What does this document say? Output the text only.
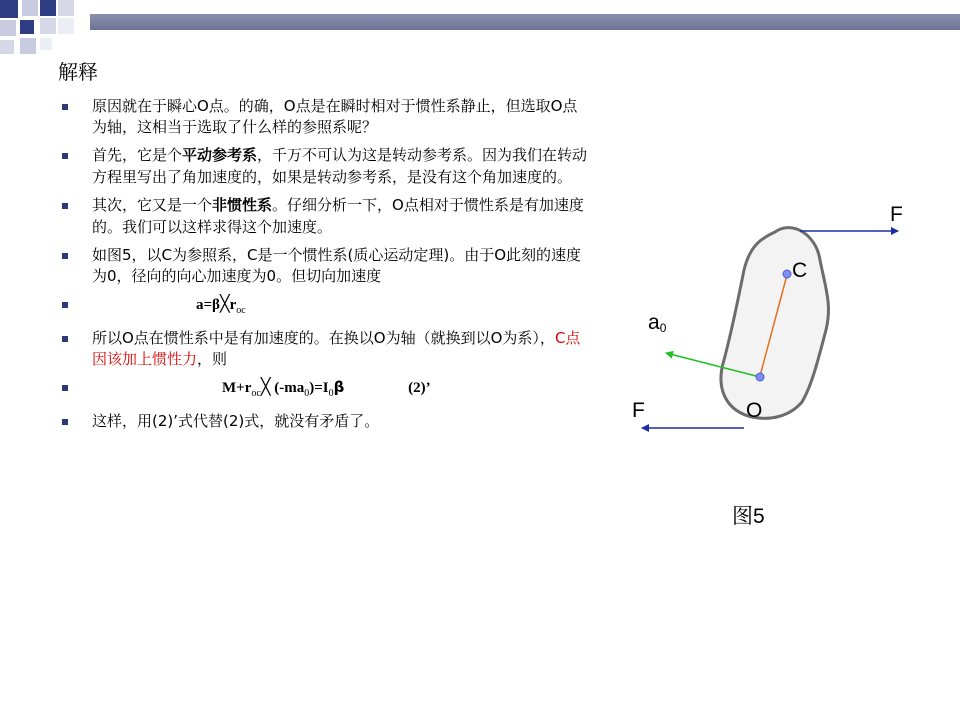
解释
原因就在于瞬心O点。的确，O点是在瞬时相对于惯性系静止，但选取O点为轴，这相当于选取了什么样的参照系呢？
首先，它是个平动参考系，千万不可认为这是转动参考系。因为我们在转动方程里写出了角加速度的，如果是转动参考系，是没有这个角加速度的。
其次，它又是一个非惯性系。仔细分析一下，O点相对于惯性系是有加速度的。我们可以这样求得这个加速度。
如图5，以C为参照系，C是一个惯性系(质心运动定理)。由于O此刻的速度为0，径向的向心加速度为0。但切向加速度
$a=\beta╳r_{oc}$
所以O点在惯性系中是有加速度的。在换以O为轴（就换到以O为系），C点因该加上惯性力，则
$M+r_{oc}╳$ $(-ma_0)=I_0\beta$	(2)’
这样，用(2)’式代替(2)式，就没有矛盾了。
F
C
a0
F	O
图5
